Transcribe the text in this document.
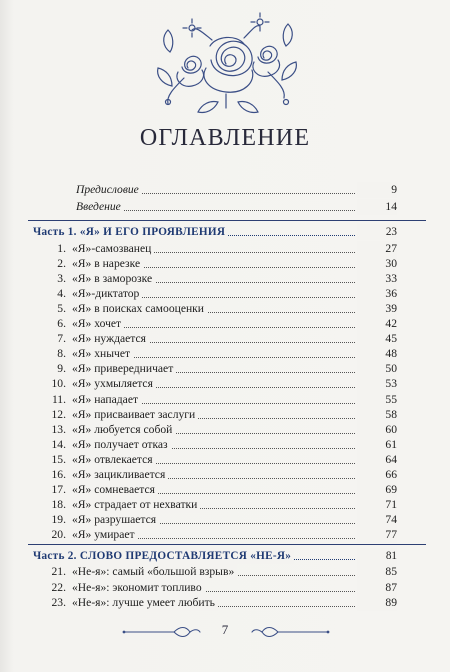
ОГЛАВЛЕНИЕ
Предисловие	9
Введение	14
Часть 1. «Я» И ЕГО ПРОЯВЛЕНИЯ	23
1. «Я»-самозванец	27
2. «Я» в нарезке	30
3. «Я» в заморозке	33
4. «Я»-диктатор	36
5. «Я» в поисках самооценки	39
6. «Я» хочет	42
7. «Я» нуждается	45
8. «Я» хнычет	48
9. «Я» привередничает	50
10. «Я» ухмыляется	53
11. «Я» нападает	55
12. «Я» присваивает заслуги	58
13. «Я» любуется собой	60
14. «Я» получает отказ	61
15. «Я» отвлекается	64
16. «Я» зацикливается	66
17. «Я» сомневается	69
18. «Я» страдает от нехватки	71
19. «Я» разрушается	74
20. «Я» умирает	77
Часть 2. СЛОВО ПРЕДОСТАВЛЯЕТСЯ «НЕ-Я»	81
21. «Не-я»: самый «большой взрыв»	85
22. «Не-я»: экономит топливо	87
23. «Не-я»: лучше умеет любить	89
7
